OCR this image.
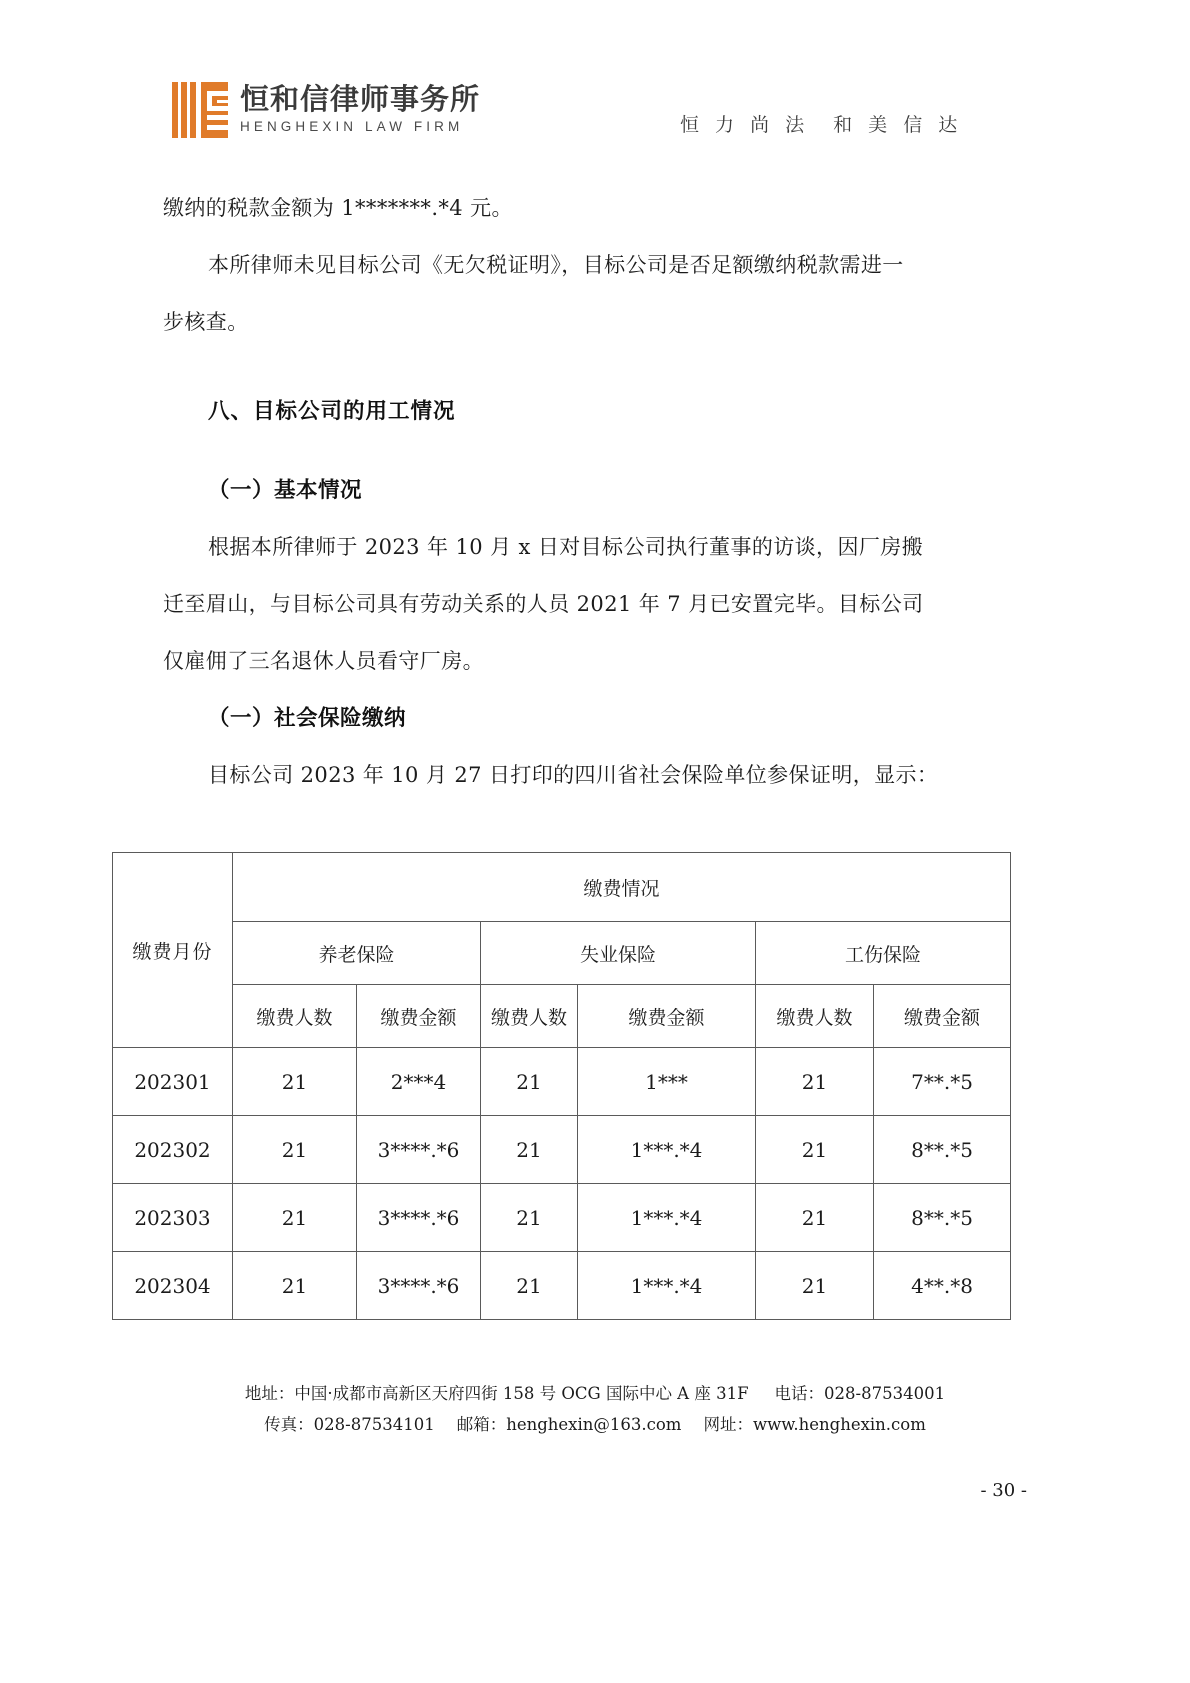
恒和信律师事务所
HENGHEXIN LAW FIRM	恒 力 尚 法　和 美 信 达

缴纳的税款金额为 1*******.*4 元。

本所律师未见目标公司《无欠税证明》，目标公司是否足额缴纳税款需进一

步核查。

八、目标公司的用工情况

（一）基本情况

根据本所律师于 2023 年 10 月 x 日对目标公司执行董事的访谈，因厂房搬

迁至眉山，与目标公司具有劳动关系的人员 2021 年 7 月已安置完毕。目标公司

仅雇佣了三名退休人员看守厂房。

（一）社会保险缴纳

目标公司 2023 年 10 月 27 日打印的四川省社会保险单位参保证明，显示：

缴费月份	缴费情况					
	养老保险		失业保险		工伤保险	
	缴费人数	缴费金额	缴费人数	缴费金额	缴费人数	缴费金额
202301	21	2***4	21	1***	21	7**.*5
202302	21	3****.*6	21	1***.*4	21	8**.*5
202303	21	3****.*6	21	1***.*4	21	8**.*5
202304	21	3****.*6	21	1***.*4	21	4**.*8
地址：中国·成都市高新区天府四街 158 号 OCG 国际中心 A 座 31F 电话：028-87534001
传真：028-87534101 邮箱：henghexin@163.com 网址：www.henghexin.com
- 30 -
